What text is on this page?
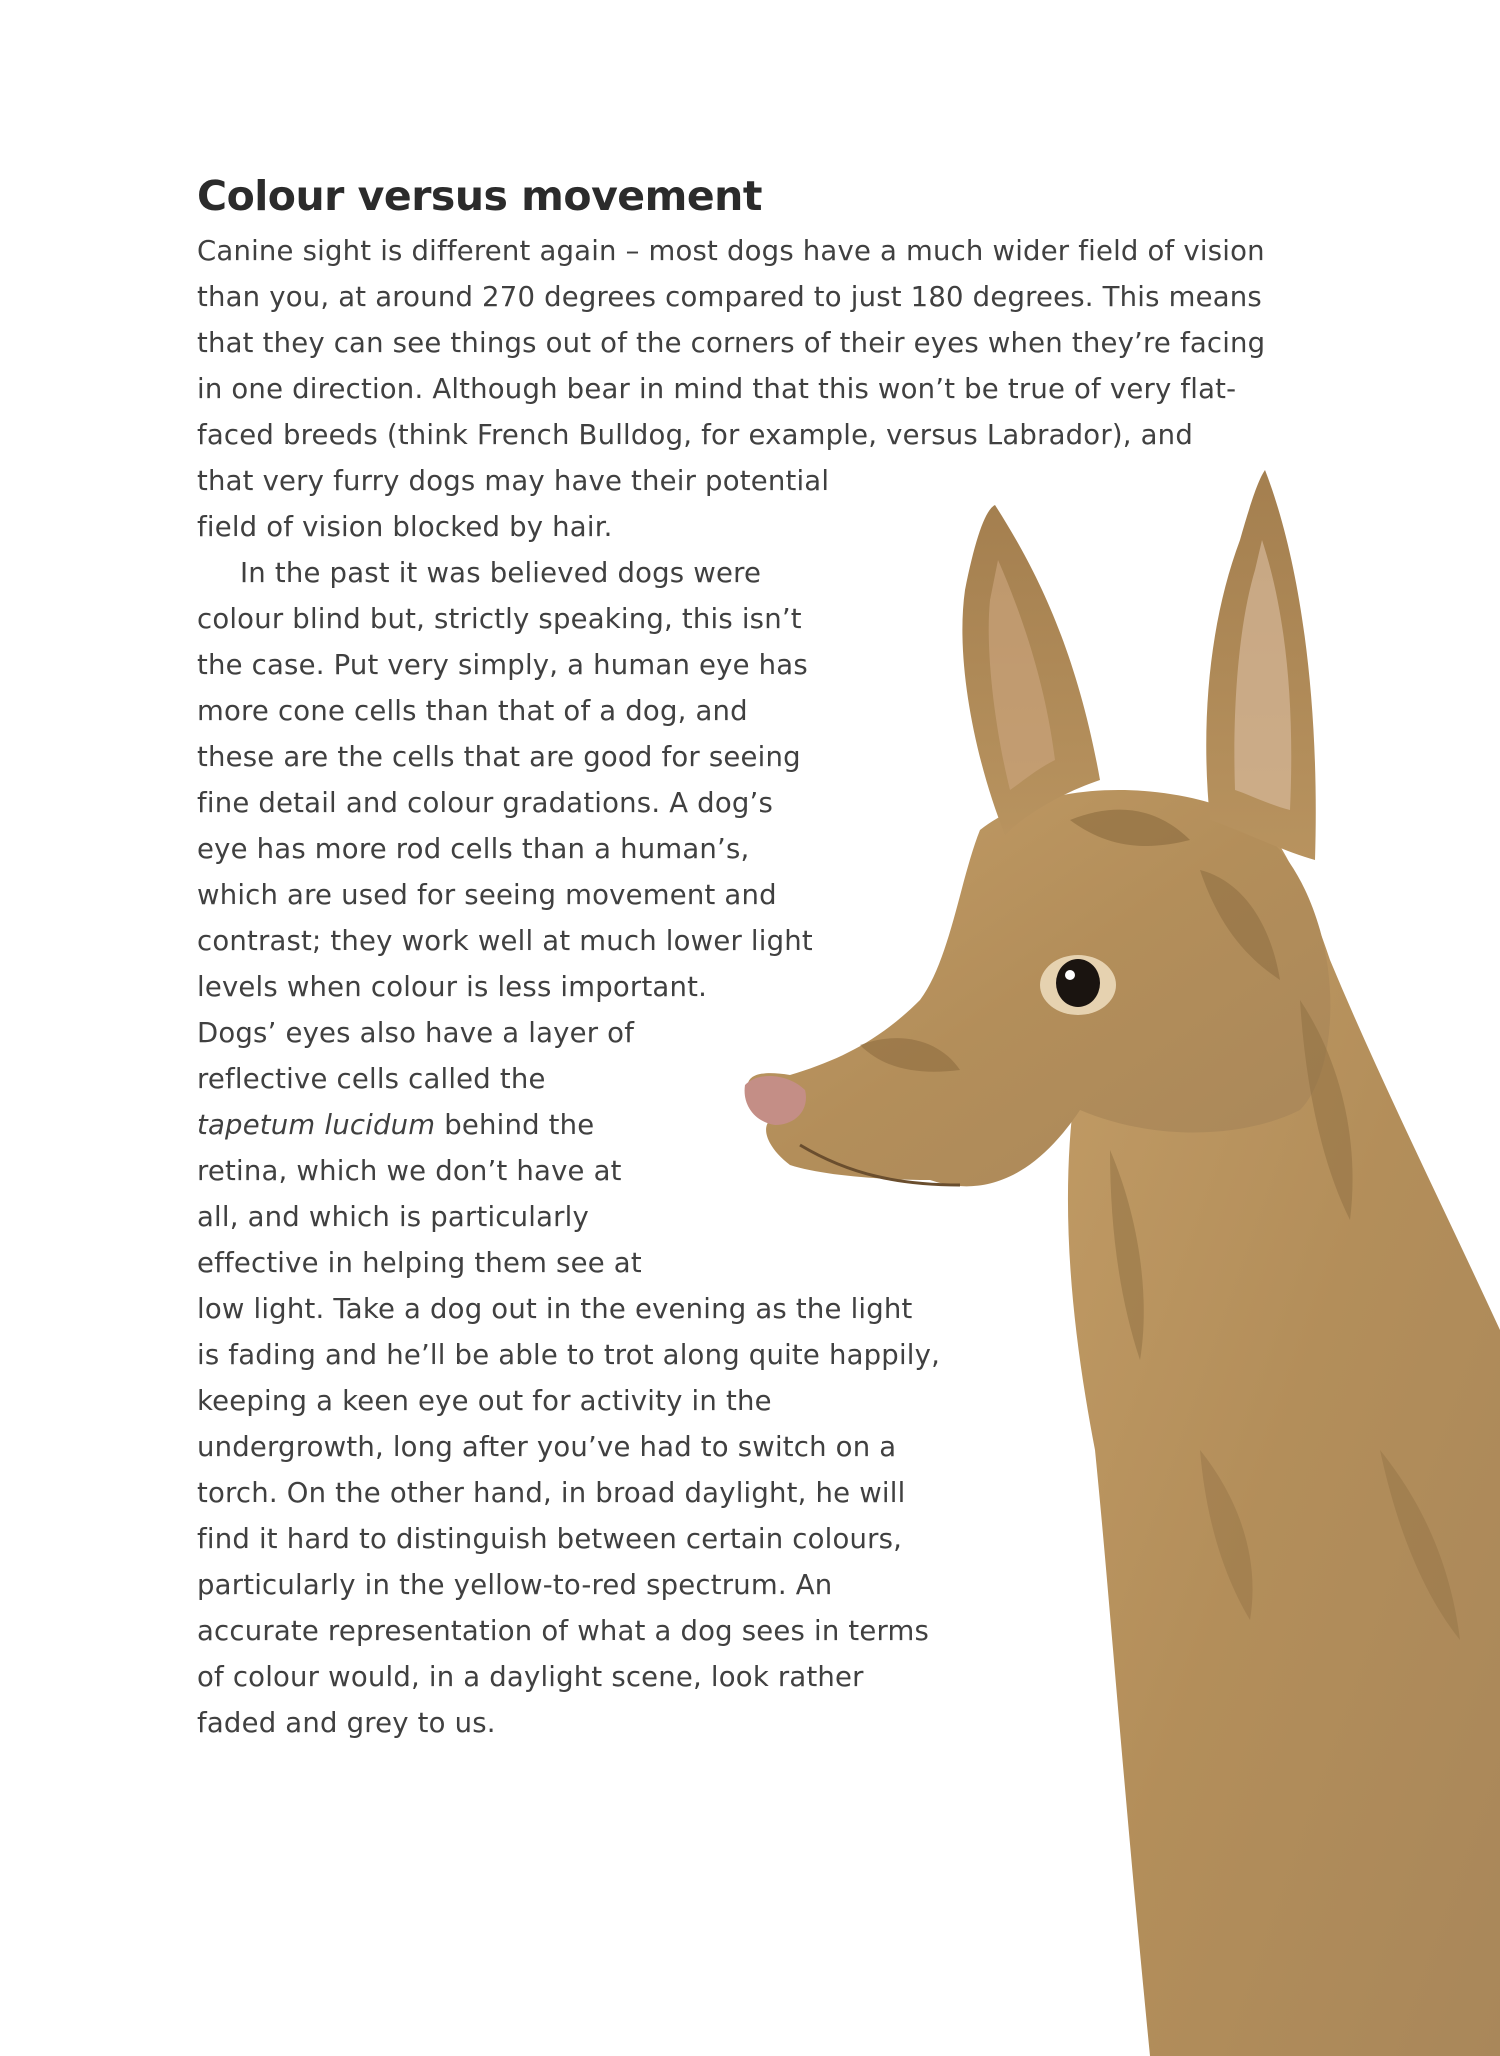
Colour versus movement
Canine sight is different again – most dogs have a much wider field of vision
than you, at around 270 degrees compared to just 180 degrees. This means
that they can see things out of the corners of their eyes when they’re facing
in one direction. Although bear in mind that this won’t be true of very flat-
faced breeds (think French Bulldog, for example, versus Labrador), and
that very furry dogs may have their potential
field of vision blocked by hair.
In the past it was believed dogs were
colour blind but, strictly speaking, this isn’t
the case. Put very simply, a human eye has
more cone cells than that of a dog, and
these are the cells that are good for seeing
fine detail and colour gradations. A dog’s
eye has more rod cells than a human’s,
which are used for seeing movement and
contrast; they work well at much lower light
levels when colour is less important.
Dogs’ eyes also have a layer of
reflective cells called the
tapetum lucidum behind the
retina, which we don’t have at
all, and which is particularly
effective in helping them see at
low light. Take a dog out in the evening as the light
is fading and he’ll be able to trot along quite happily,
keeping a keen eye out for activity in the
undergrowth, long after you’ve had to switch on a
torch. On the other hand, in broad daylight, he will
find it hard to distinguish between certain colours,
particularly in the yellow-to-red spectrum. An
accurate representation of what a dog sees in terms
of colour would, in a daylight scene, look rather
faded and grey to us.
